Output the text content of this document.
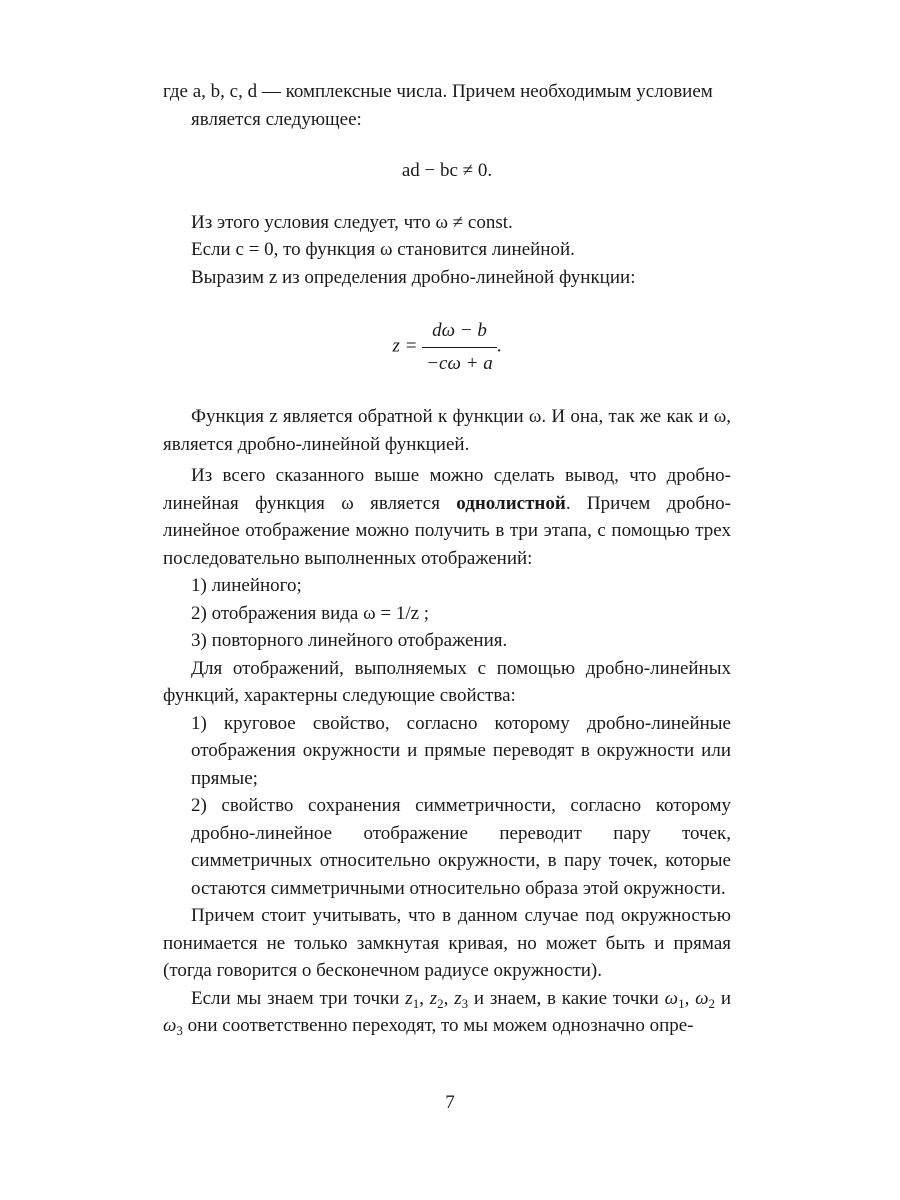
где a, b, c, d — комплексные числа. Причем необходимым условием

является следующее:

ad − bc ≠ 0.

Из этого условия следует, что ω ≠ const.

Если c = 0, то функция ω становится линейной.

Выразим z из определения дробно-линейной функции:

$z = \frac{d\omega - b}{-c\omega + a}$ .

Функция z является обратной к функции ω. И она, так же как и ω, является дробно-линейной функцией.

Из всего сказанного выше можно сделать вывод, что дробно-линейная функция ω является однолистной. Причем дробно-линейное отображение можно получить в три этапа, с помощью трех последовательно выполненных отображений:

1) линейного;

2) отображения вида ω = 1/z ;

3) повторного линейного отображения.

Для отображений, выполняемых с помощью дробно-линейных функций, характерны следующие свойства:

1) круговое свойство, согласно которому дробно-линейные отображения окружности и прямые переводят в окружности или прямые;

2) свойство сохранения симметричности, согласно которому дробно-линейное отображение переводит пару точек, симметричных относительно окружности, в пару точек, которые остаются симметричными относительно образа этой окружности.

Причем стоит учитывать, что в данном случае под окружностью понимается не только замкнутая кривая, но может быть и прямая (тогда говорится о бесконечном радиусе окружности).

Если мы знаем три точки $z_1$, $z_2$, $z_3$ и знаем, в какие точки $\omega_1$, $\omega_2$ и $\omega_3$ они соответственно переходят, то мы можем однозначно опре-

7
